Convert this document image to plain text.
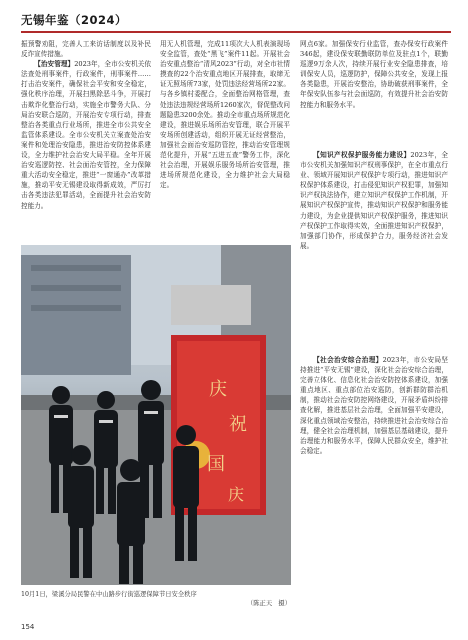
无锡年鉴（2024）

振预警劝阻，完善人工来访话制度以及补民反诈宣传措施。

【治安管理】2023年，全市公安机关依法查处刑事案件，行政案件，刑事案件……打击治安案件，确保社会平安和安全稳定，强化秩序治理，开展扫黑除恶斗争，开展打击欺诈化整治行动，实施全市警务大队、分局治安联合巡防，开展治安专项行动，排查整治各类重点行业场所，推进全市公共安全监管体系建设。全市公安机关立案查处治安案件和处理治安隐患，推进治安防控体系建设，全力维护社会治安大局平稳。全年开展治安巡逻防控、社会面治安管控，全力保障重大活动安全稳定，推进“一窗通办”改革措施，推动平安无锡建设取得新成效，严厉打击各类违法犯罪活动，全面提升社会治安防控能力。

用无人机管理，完成11项次大人机表演现场安全监管，查处“黑飞”案件11起。开展社会治安重点整治“清风2023”行动，对全市社情摸查的22个治安重点地区开展排查，取缔无证无照场所73家，处罚违法经营场所22家。与各乡镇村委配合，全面整治网格管理，查处违法违规经营场所1260家次，督促整改问题隐患3200余处。推动全市重点场所规范化建设，推进娱乐场所治安管理，联合开展平安场所创建活动，组织开展无证经营整治，加强社会面治安巡防管控，推动治安管理规范化提升，开展“五进五查”警务工作，深化社会治理，开展娱乐服务场所治安管理，推进场所规范化建设，全力维护社会大局稳定。

网点6家。加强保安行业监管，查办保安行政案件346起，建设保安联勤联防单位及驻点1个，联勤巡逻9万余人次，持续开展行业安全隐患排查，培训保安人员，巡逻防护，保障公共安全，发现上报各类隐患，开展治安整治，协助破获刑事案件，全年保安队伍参与社会面巡防，有效提升社会治安防控能力和服务水平。

【知识产权保护服务能力建设】2023年，全市公安机关加强知识产权刑事保护，在全市重点行业、领域开展知识产权保护专项行动，推进知识产权保护体系建设，打击侵犯知识产权犯罪，加强知识产权执法协作，建立知识产权保护工作机制，开展知识产权保护宣传，推动知识产权保护和服务能力建设，为企业提供知识产权保护服务，推进知识产权保护工作取得实效，全面推进知识产权保护，加强部门协作，形成保护合力，服务经济社会发展。

【社会治安综合治理】2023年，市公安局坚持推进“平安无锡”建设，深化社会治安综合治理，完善立体化、信息化社会治安防控体系建设，加强重点地区、重点部位治安巡防，创新群防群治机制，推动社会治安防控网络建设，开展矛盾纠纷排查化解，推进基层社会治理，全面加强平安建设，深化重点领域治安整治，持续推进社会治安综合治理，健全社会治理机制，加强基层基础建设，提升治理能力和服务水平，保障人民群众安全，维护社会稳定。

庆
祝
国
庆
10月1日，梁溪分局民警在中山路步行街巡逻保障节日安全秩序
（陈正天　摄）
154
